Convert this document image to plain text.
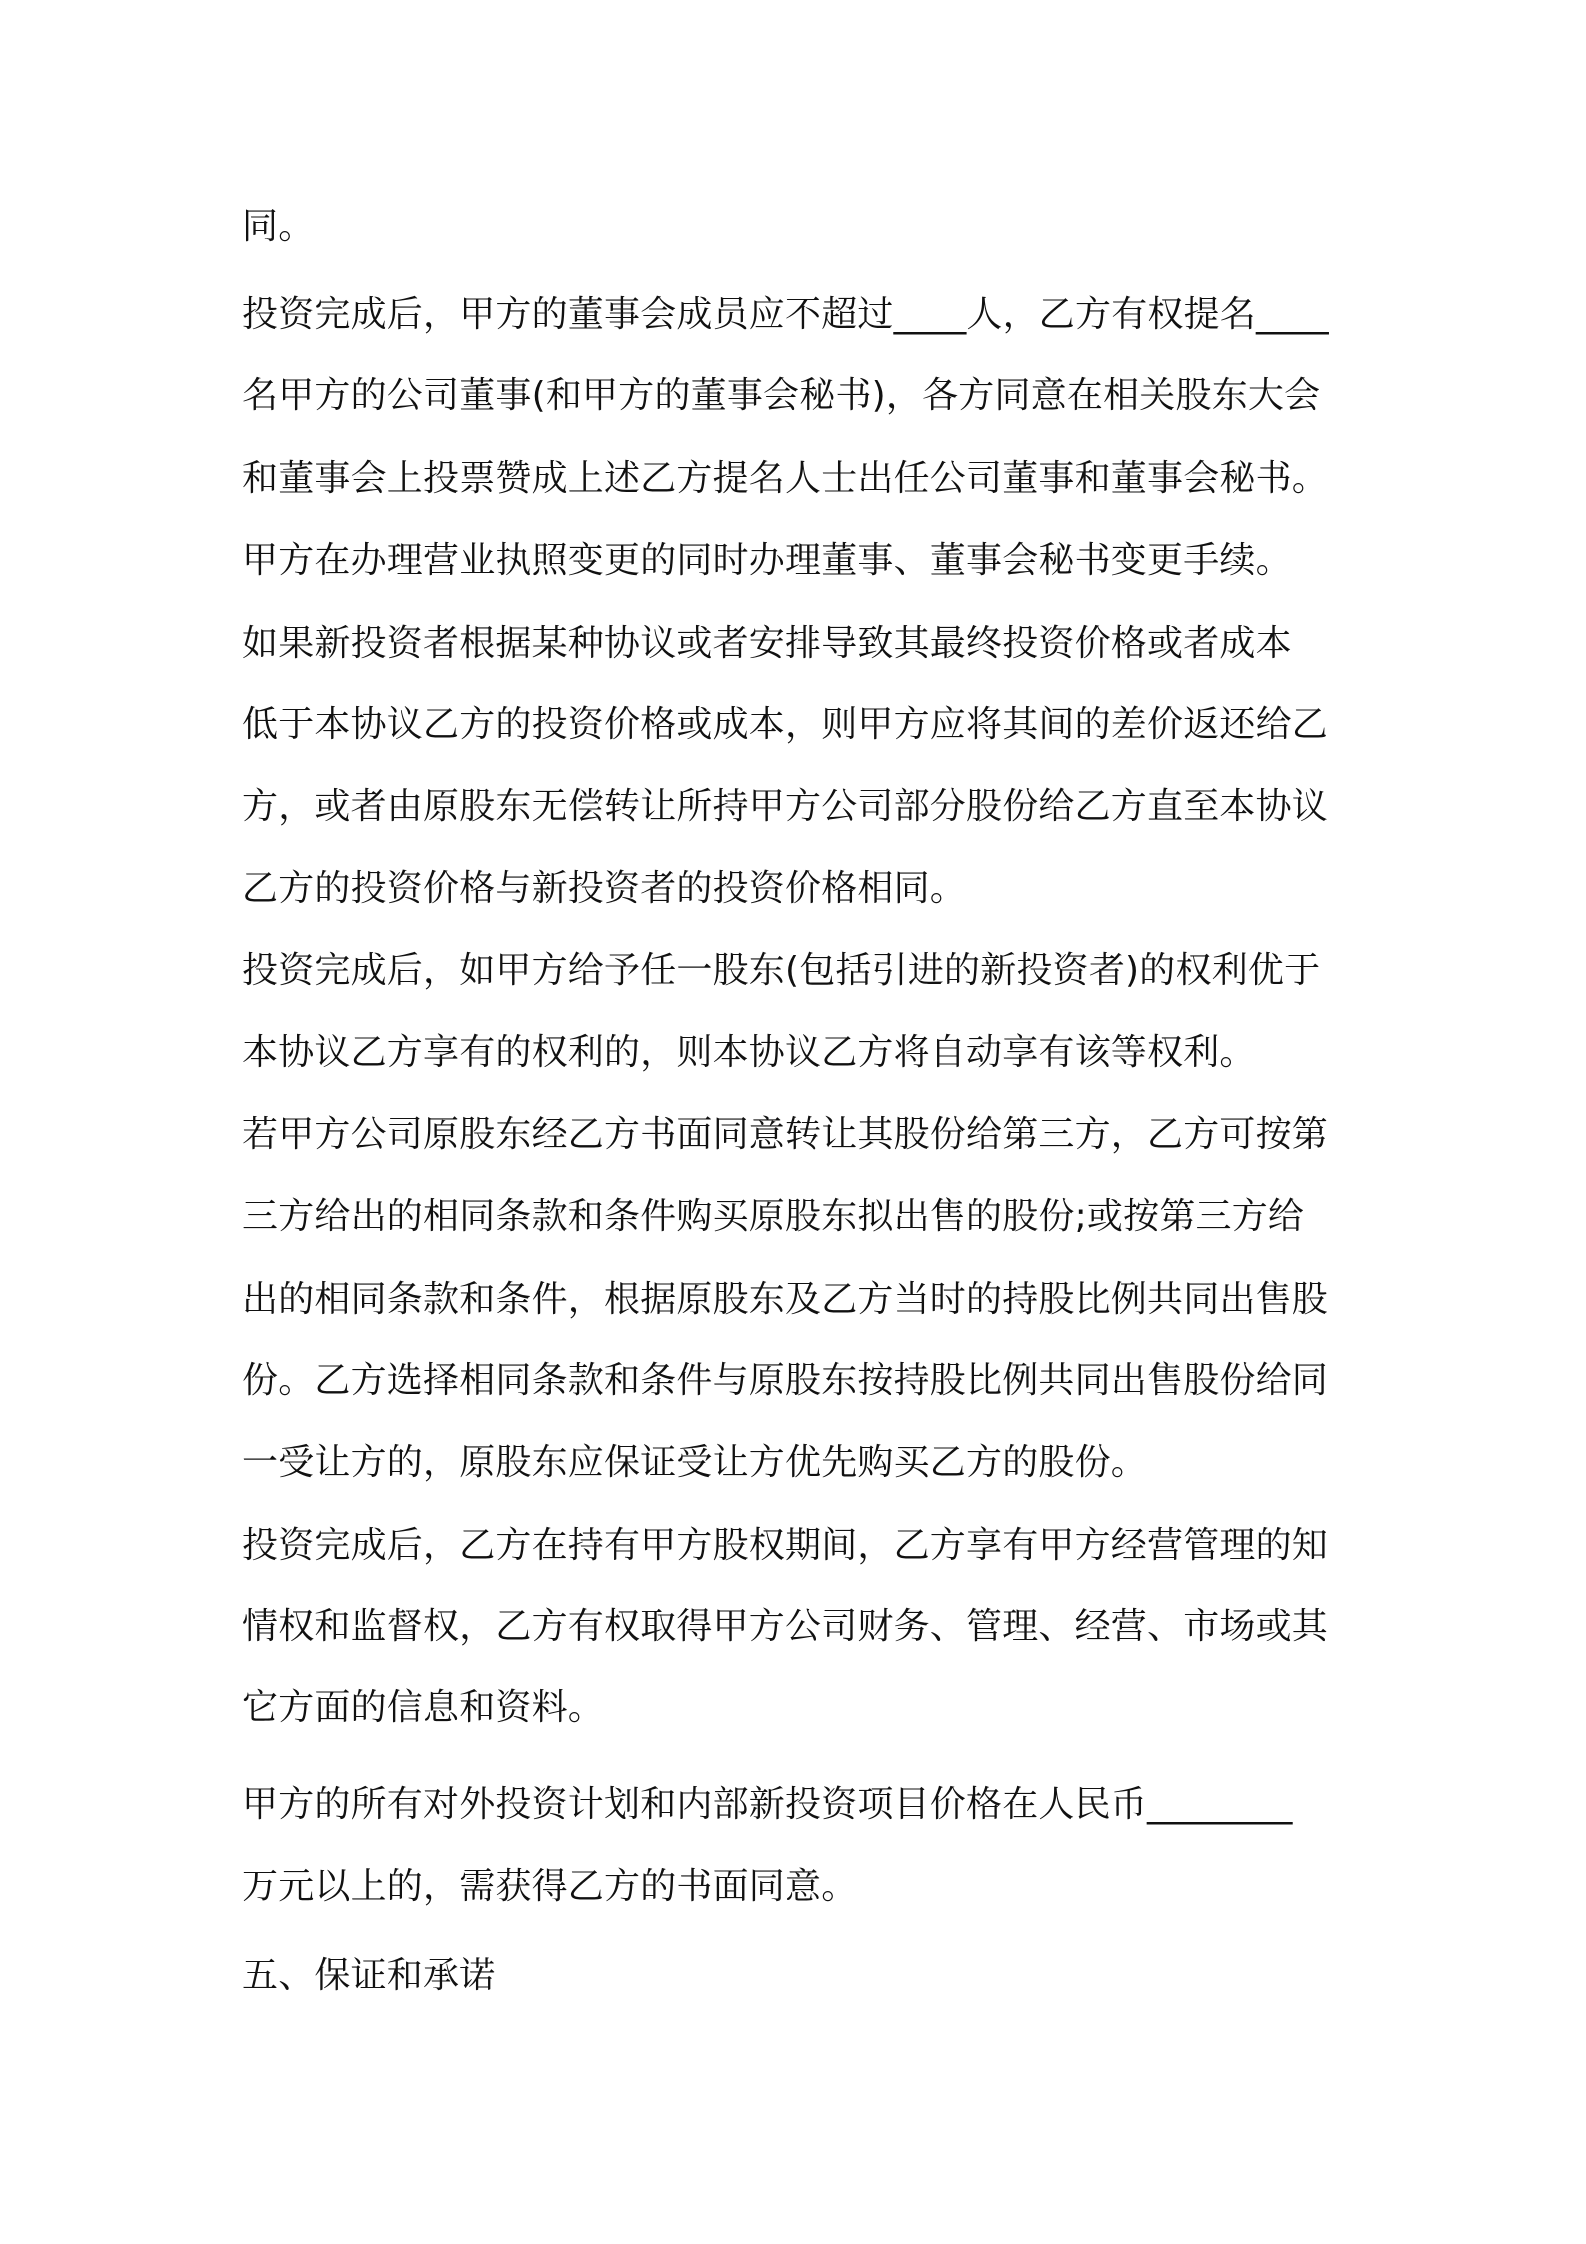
同。

投资完成后，甲方的董事会成员应不超过____人，乙方有权提名____

名甲方的公司董事(和甲方的董事会秘书)，各方同意在相关股东大会

和董事会上投票赞成上述乙方提名人士出任公司董事和董事会秘书。

甲方在办理营业执照变更的同时办理董事、董事会秘书变更手续。

如果新投资者根据某种协议或者安排导致其最终投资价格或者成本

低于本协议乙方的投资价格或成本，则甲方应将其间的差价返还给乙

方，或者由原股东无偿转让所持甲方公司部分股份给乙方直至本协议

乙方的投资价格与新投资者的投资价格相同。

投资完成后，如甲方给予任一股东(包括引进的新投资者)的权利优于

本协议乙方享有的权利的，则本协议乙方将自动享有该等权利。

若甲方公司原股东经乙方书面同意转让其股份给第三方，乙方可按第

三方给出的相同条款和条件购买原股东拟出售的股份;或按第三方给

出的相同条款和条件，根据原股东及乙方当时的持股比例共同出售股

份。乙方选择相同条款和条件与原股东按持股比例共同出售股份给同

一受让方的，原股东应保证受让方优先购买乙方的股份。

投资完成后，乙方在持有甲方股权期间，乙方享有甲方经营管理的知

情权和监督权，乙方有权取得甲方公司财务、管理、经营、市场或其

它方面的信息和资料。

甲方的所有对外投资计划和内部新投资项目价格在人民币________

万元以上的，需获得乙方的书面同意。

五、保证和承诺
